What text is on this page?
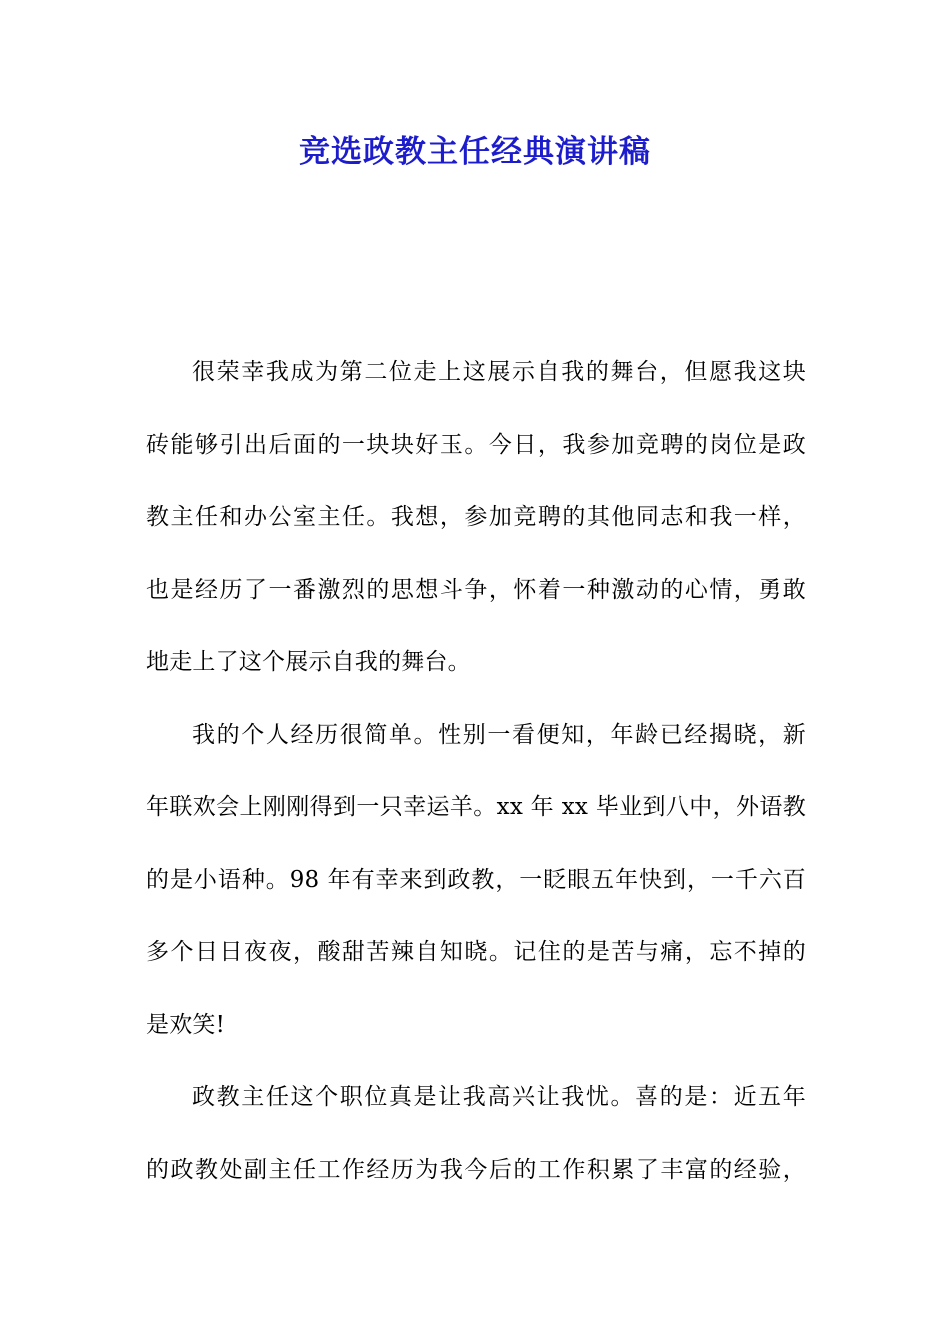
竞选政教主任经典演讲稿
很荣幸我成为第二位走上这展示自我的舞台，但愿我这块
砖能够引出后面的一块块好玉。今日，我参加竞聘的岗位是政
教主任和办公室主任。我想，参加竞聘的其他同志和我一样，
也是经历了一番激烈的思想斗争，怀着一种激动的心情，勇敢
地走上了这个展示自我的舞台。
我的个人经历很简单。性别一看便知，年龄已经揭晓，新
年联欢会上刚刚得到一只幸运羊。xx 年 xx 毕业到八中，外语教
的是小语种。98 年有幸来到政教，一眨眼五年快到，一千六百
多个日日夜夜，酸甜苦辣自知晓。记住的是苦与痛，忘不掉的
是欢笑!
政教主任这个职位真是让我高兴让我忧。喜的是：近五年
的政教处副主任工作经历为我今后的工作积累了丰富的经验，
